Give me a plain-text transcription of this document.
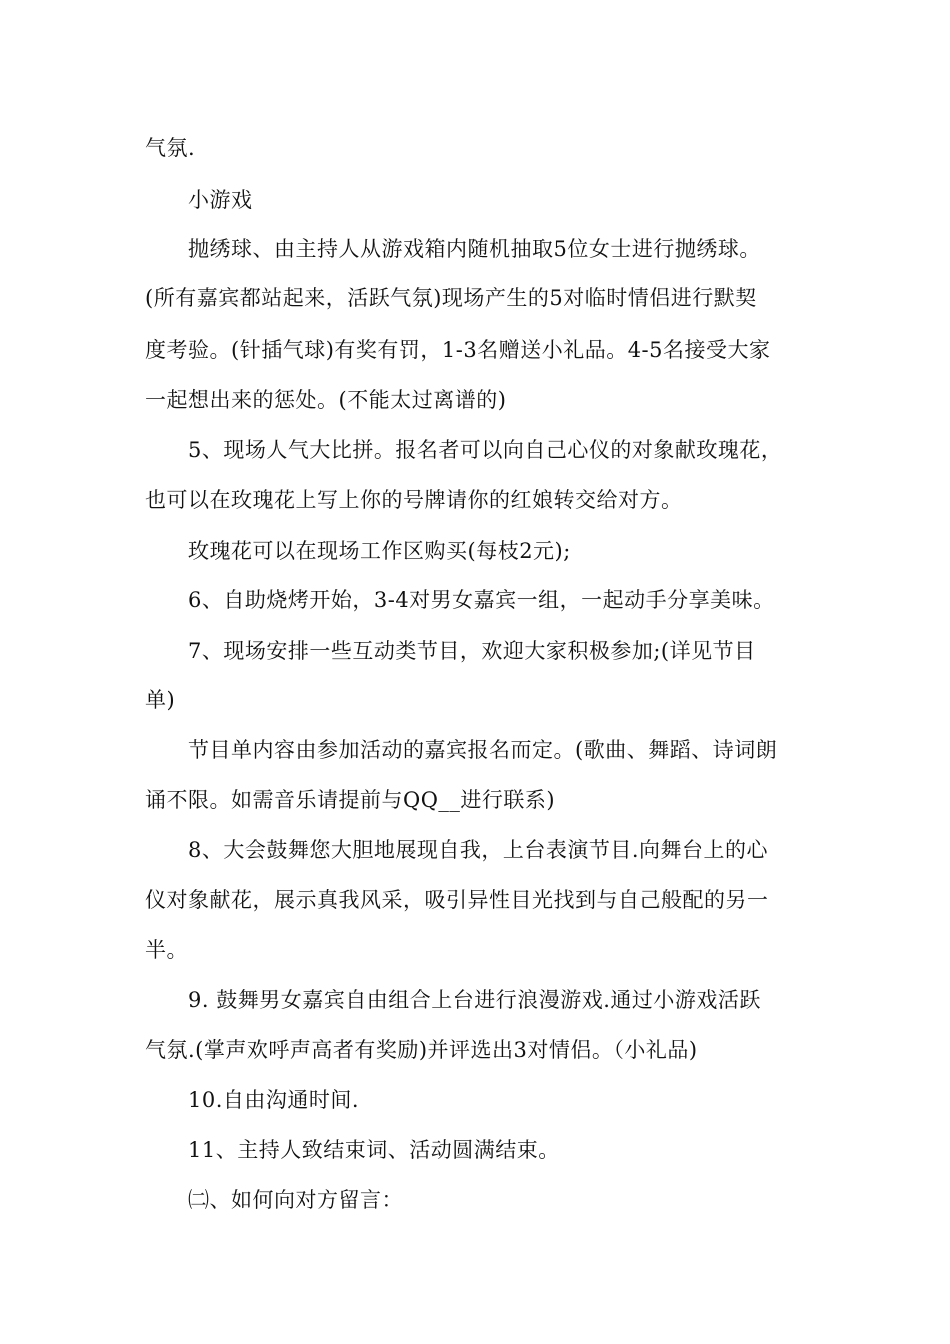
气氛.
小游戏
抛绣球、由主持人从游戏箱内随机抽取5位女士进行抛绣球。
(所有嘉宾都站起来，活跃气氛)现场产生的5对临时情侣进行默契
度考验。(针插气球)有奖有罚，1-3名赠送小礼品。4-5名接受大家
一起想出来的惩处。(不能太过离谱的)
5、现场人气大比拼。报名者可以向自己心仪的对象献玫瑰花，
也可以在玫瑰花上写上你的号牌请你的红娘转交给对方。
玫瑰花可以在现场工作区购买(每枝2元);
6、自助烧烤开始，3-4对男女嘉宾一组，一起动手分享美味。
7、现场安排一些互动类节目，欢迎大家积极参加;(详见节目
单)
节目单内容由参加活动的嘉宾报名而定。(歌曲、舞蹈、诗词朗
诵不限。如需音乐请提前与QQ__进行联系)
8、大会鼓舞您大胆地展现自我，上台表演节目.向舞台上的心
仪对象献花，展示真我风采，吸引异性目光找到与自己般配的另一
半。
9. 鼓舞男女嘉宾自由组合上台进行浪漫游戏.通过小游戏活跃
气氛.(掌声欢呼声高者有奖励)并评选出3对情侣。（小礼品)
10.自由沟通时间.
11、主持人致结束词、活动圆满结束。
㈡、如何向对方留言：
